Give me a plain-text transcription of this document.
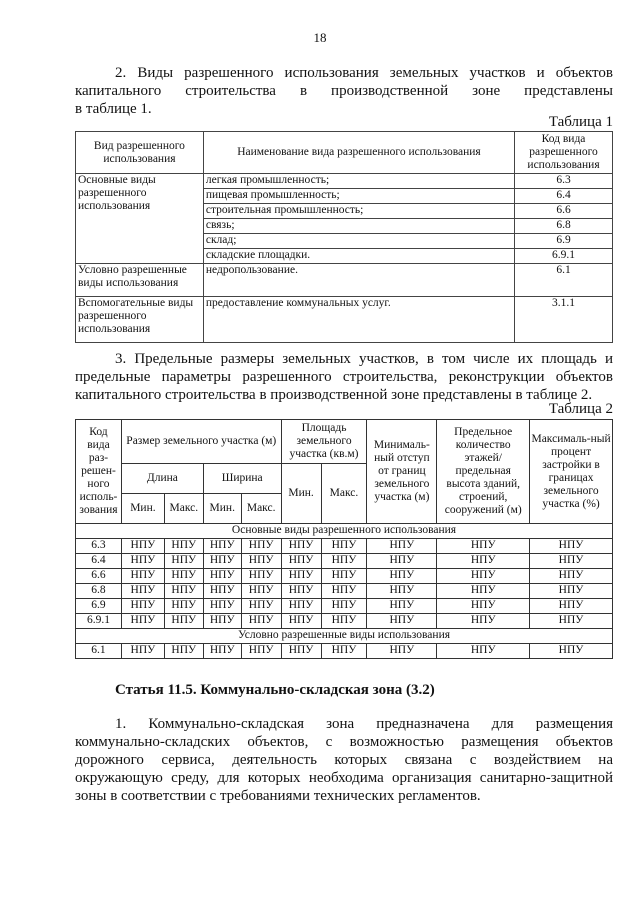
18
2. Виды разрешенного использования земельных участков и объектов
капитального строительства в производственной зоне представлены
в таблице 1.
Таблица 1
Вид разрешенного использования	Наименование вида разрешенного использования	Код вида разрешенного использования
Основные виды разрешенного использования	легкая промышленность;	6.3
	пищевая промышленность;	6.4
	строительная промышленность;	6.6
	связь;	6.8
	склад;	6.9
	складские площадки.	6.9.1
Условно разрешенные виды использования	недропользование.	6.1
Вспомогательные виды разрешенного использования	предоставление коммунальных услуг.	3.1.1
3. Предельные размеры земельных участков, в том числе их площадь и
предельные параметры разрешенного строительства, реконструкции объектов
капитального строительства в производственной зоне представлены в таблице 2.
Таблица 2
Код вида раз-решен-ного исполь-зования	Размер земельного участка (м)				Площадь земельного участка (кв.м)		Минималь-ный отступ от границ земельного участка (м)	Предельное количество этажей/ предельная высота зданий, строений, сооружений (м)	Максималь-ный процент застройки в границах земельного участка (%)
	Длина		Ширина		Мин.	Макс.			
	Мин.	Макс.	Мин.	Макс.					
Основные виды разрешенного использования									
6.3	НПУ	НПУ	НПУ	НПУ	НПУ	НПУ	НПУ	НПУ	НПУ
6.4	НПУ	НПУ	НПУ	НПУ	НПУ	НПУ	НПУ	НПУ	НПУ
6.6	НПУ	НПУ	НПУ	НПУ	НПУ	НПУ	НПУ	НПУ	НПУ
6.8	НПУ	НПУ	НПУ	НПУ	НПУ	НПУ	НПУ	НПУ	НПУ
6.9	НПУ	НПУ	НПУ	НПУ	НПУ	НПУ	НПУ	НПУ	НПУ
6.9.1	НПУ	НПУ	НПУ	НПУ	НПУ	НПУ	НПУ	НПУ	НПУ
Условно разрешенные виды использования									
6.1	НПУ	НПУ	НПУ	НПУ	НПУ	НПУ	НПУ	НПУ	НПУ
Статья 11.5. Коммунально-складская зона (3.2)
1. Коммунально-складская зона предназначена для размещения
коммунально-складских объектов, с возможностью размещения объектов
дорожного сервиса, деятельность которых связана с воздействием на
окружающую среду, для которых необходима организация санитарно-защитной
зоны в соответствии с требованиями технических регламентов.
